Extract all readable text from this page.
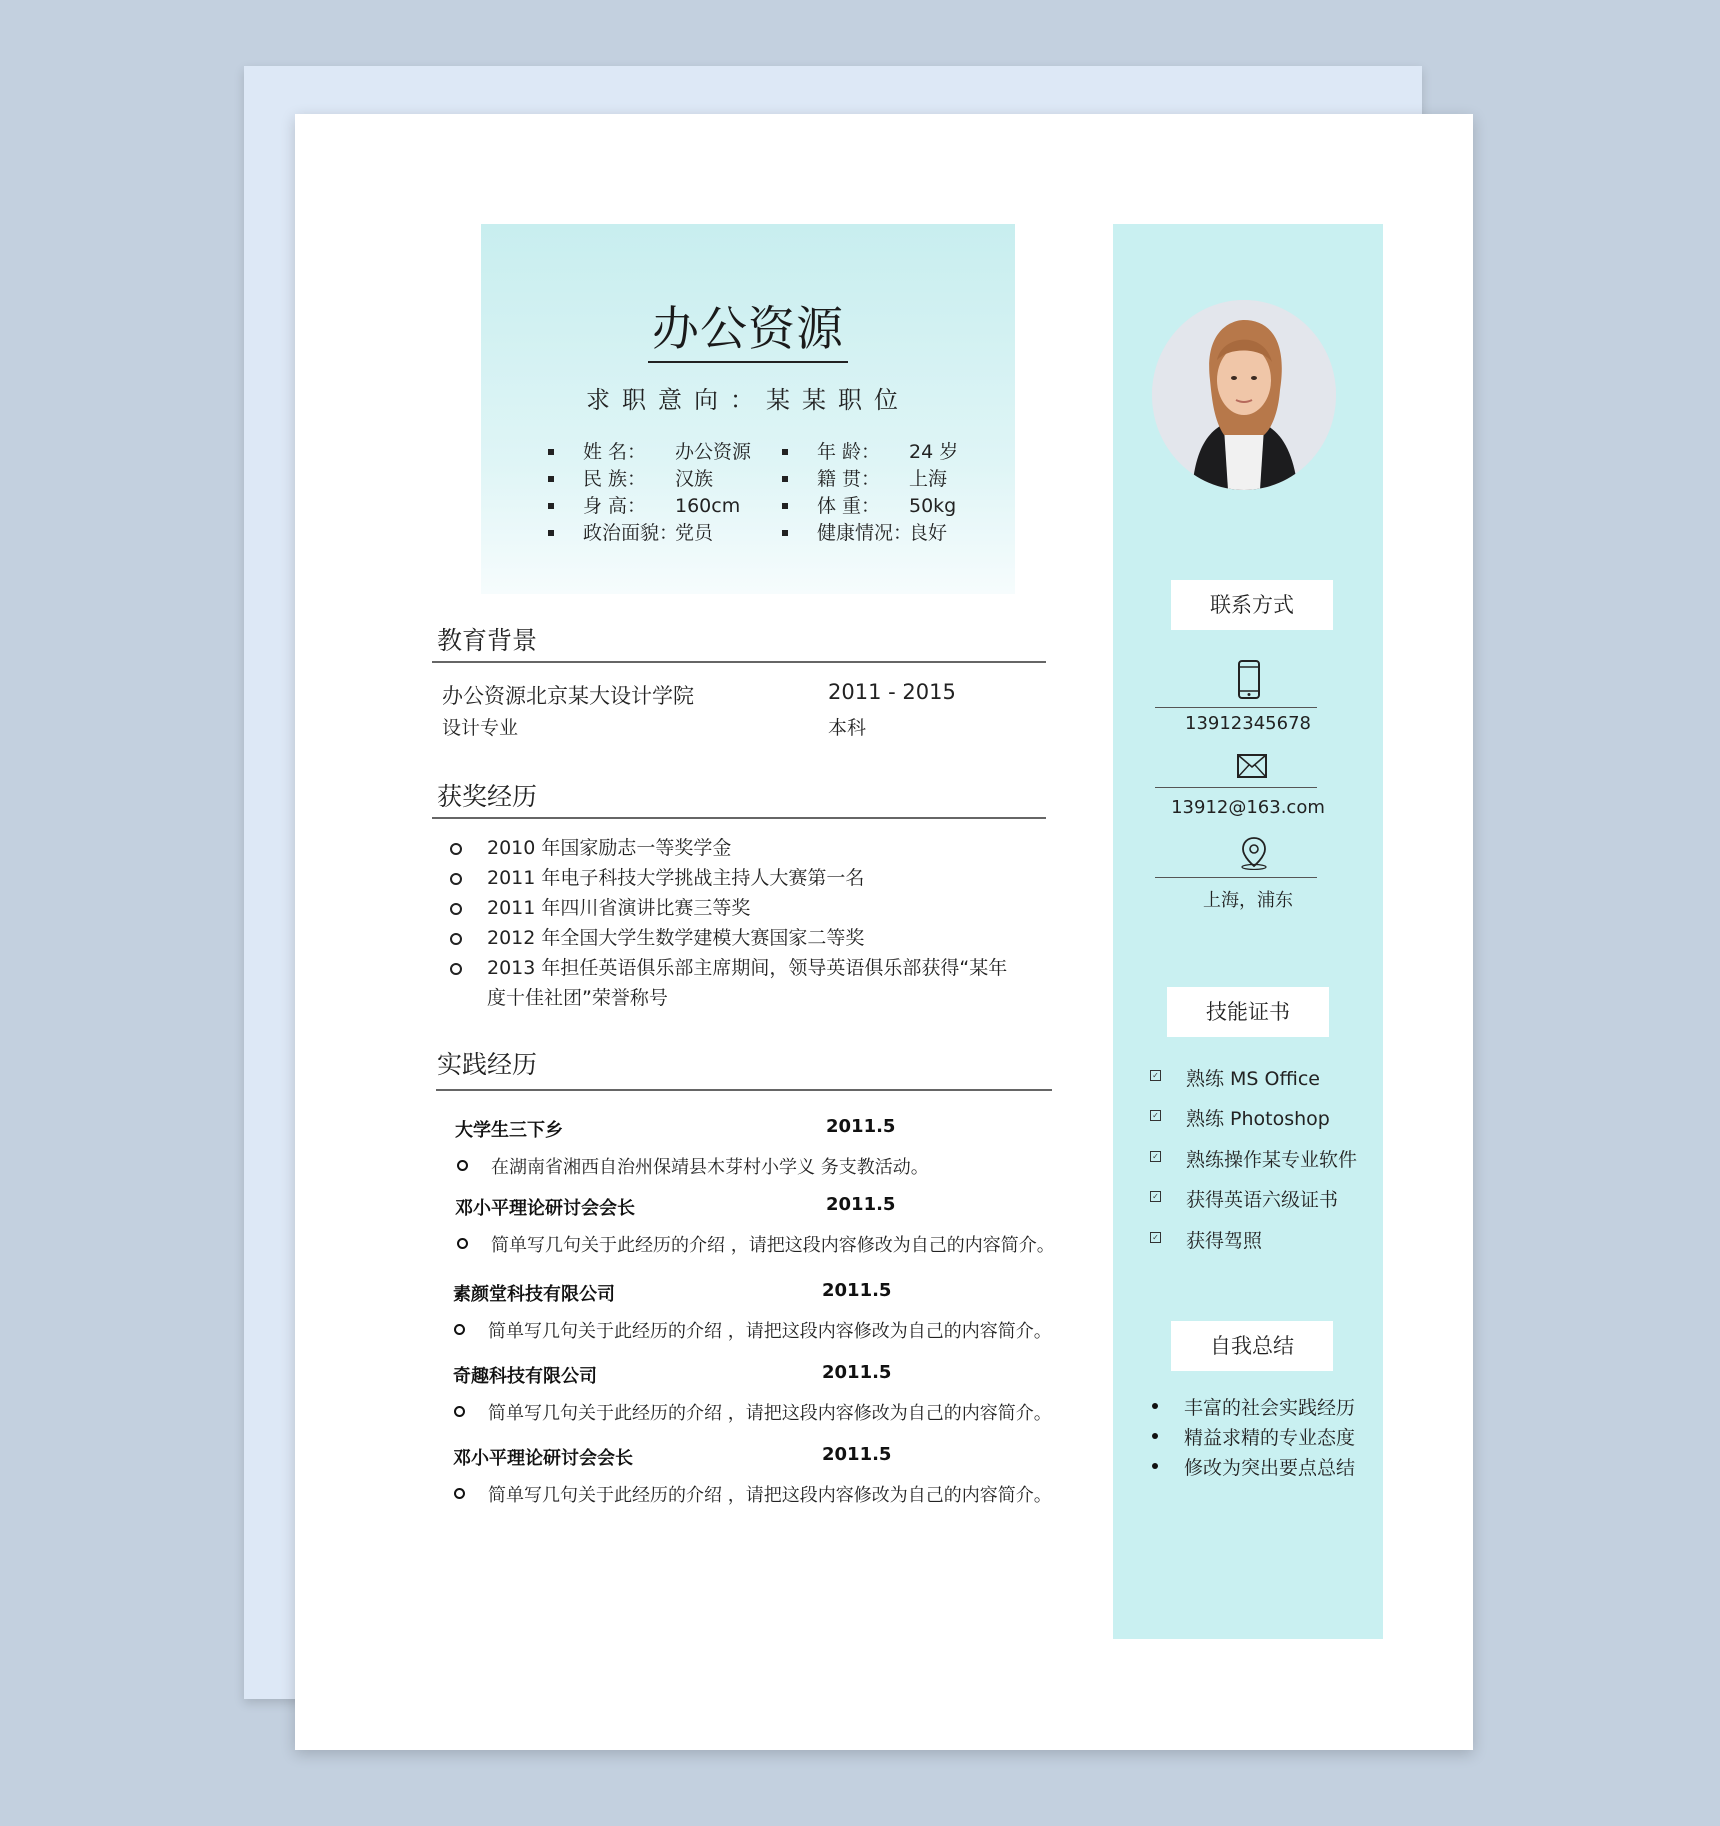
办公资源
求职意向：某某职位
姓 名： 办公资源	年 龄： 24 岁
民 族： 汉族	籍 贯： 上海
身 高： 160cm	体 重： 50kg
政治面貌：党员	健康情况：良好
教育背景
办公资源北京某大设计学院	2011 - 2015
设计专业	本科
获奖经历
2010 年国家励志一等奖学金
2011 年电子科技大学挑战主持人大赛第一名
2011 年四川省演讲比赛三等奖
2012 年全国大学生数学建模大赛国家二等奖
2013 年担任英语俱乐部主席期间，领导英语俱乐部获得“某年
度十佳社团”荣誉称号
实践经历
大学生三下乡	2011.5
在湖南省湘西自治州保靖县木芽村小学义 务支教活动。
邓小平理论研讨会会长	2011.5
简单写几句关于此经历的介绍 ，请把这段内容修改为自己的内容简介。
素颜堂科技有限公司	2011.5
简单写几句关于此经历的介绍 ，请把这段内容修改为自己的内容简介。
奇趣科技有限公司	2011.5
简单写几句关于此经历的介绍 ，请把这段内容修改为自己的内容简介。
邓小平理论研讨会会长	2011.5
简单写几句关于此经历的介绍 ，请把这段内容修改为自己的内容简介。
联系方式
13912345678
13912@163.com
上海，浦东
技能证书
✓ 熟练 MS Office
✓ 熟练 Photoshop
✓ 熟练操作某专业软件
✓ 获得英语六级证书
✓ 获得驾照
自我总结
丰富的社会实践经历
精益求精的专业态度
修改为突出要点总结
